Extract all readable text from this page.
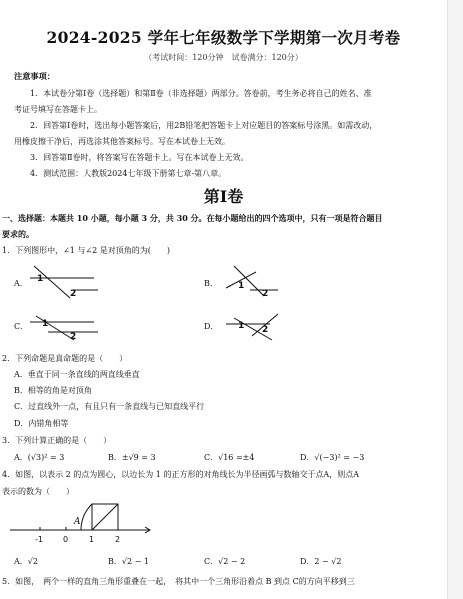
2024-2025 学年七年级数学下学期第一次月考卷
（考试时间：120分钟　试卷满分：120分）
注意事项：
1．本试卷分第Ⅰ卷（选择题）和第Ⅱ卷（非选择题）两部分。答卷前，考生务必将自己的姓名、准
考证号填写在答题卡上。
2．回答第Ⅰ卷时，选出每小题答案后，用2B铅笔把答题卡上对应题目的答案标号涂黑。如需改动，
用橡皮擦干净后，再选涂其他答案标号。写在本试卷上无效。
3．回答第Ⅱ卷时，将答案写在答题卡上。写在本试卷上无效。
4．测试范围：人教版2024七年级下册第七章-第八章。
第Ⅰ卷
一、选择题：本题共 10 小题，每小题 3 分，共 30 分。在每小题给出的四个选项中，只有一项是符合题目
要求的。
1．下列图形中，∠1 与∠2 是对顶角的为(　　)
A． 1
2
B． 1
2
C． 1
2
D． 1 2
2．下列命题是真命题的是（　　）
A．垂直于同一条直线的两直线垂直
B．相等的角是对顶角
C．过直线外一点，有且只有一条直线与已知直线平行
D．内错角相等
3．下列计算正确的是（　　）
A．(√3)² = 3	B．±√9 = 3	C．√16 =±4	D．√(−3)² = −3
4．如图，以表示 2 的点为圆心，以边长为 1 的正方形的对角线长为半径画弧与数轴交于点A，则点A
表示的数为（　　）
A
-1	0	1	2
A．√2	B．√2 − 1	C．√2 − 2	D．2 − √2
5．如图，　两个一样的直角三角形重叠在一起，　将其中一个三角形沿着点 B 到点 C的方向平移到三
